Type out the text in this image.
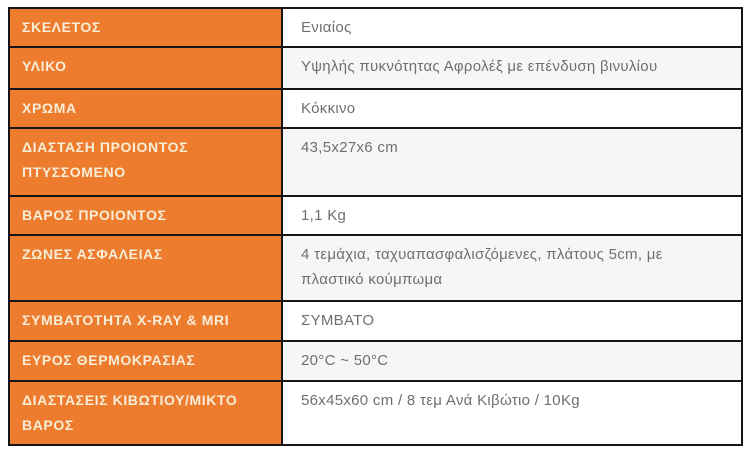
ΣΚΕΛΕΤΟΣ	Ενιαίος
ΥΛΙΚΟ	Υψηλής πυκνότητας Αφρολέξ με επένδυση βινυλίου
ΧΡΩΜΑ	Κόκκινο
ΔΙΑΣΤΑΣΗ ΠΡΟΙΟΝΤΟΣ ΠΤΥΣΣΟΜΕΝΟ	43,5x27x6 cm
ΒΑΡΟΣ ΠΡΟΙΟΝΤΟΣ	1,1 Kg
ΖΩΝΕΣ ΑΣΦΑΛΕΙΑΣ	4 τεμάχια, ταχυαπασφαλισζόμενες, πλάτους 5cm, με πλαστικό κούμπωμα
ΣΥΜΒΑΤΟΤΗΤΑ X-RAY & MRI	ΣΥΜΒΑΤΟ
ΕΥΡΟΣ ΘΕΡΜΟΚΡΑΣΙΑΣ	20°C ~ 50°C
ΔΙΑΣΤΑΣΕΙΣ ΚΙΒΩΤΙΟΥ/ΜΙΚΤΟ ΒΑΡΟΣ	56x45x60 cm / 8 τεμ Ανά Κιβώτιο / 10Kg
